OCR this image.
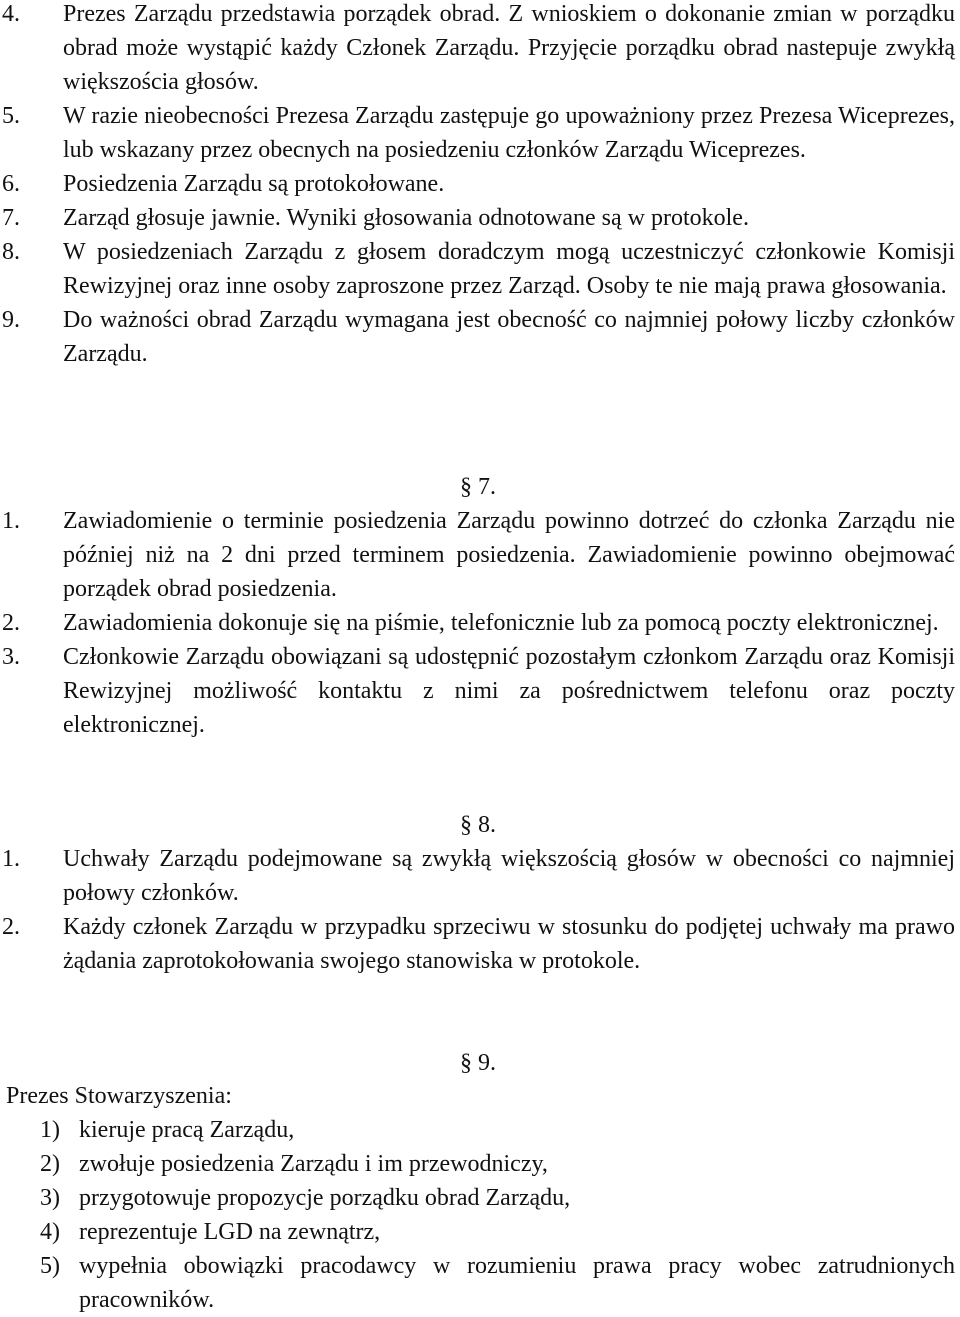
4. Prezes Zarządu przedstawia porządek obrad. Z wnioskiem o dokonanie zmian w porządku obrad może wystąpić każdy Członek Zarządu. Przyjęcie porządku obrad nastepuje zwykłą większościa głosów.
5. W razie nieobecności Prezesa Zarządu zastępuje go upoważniony przez Prezesa Wiceprezes, lub wskazany przez obecnych na posiedzeniu członków Zarządu Wiceprezes.
6. Posiedzenia Zarządu są protokołowane.
7. Zarząd głosuje jawnie. Wyniki głosowania odnotowane są w protokole.
8. W posiedzeniach Zarządu z głosem doradczym mogą uczestniczyć członkowie Komisji Rewizyjnej oraz inne osoby zaproszone przez Zarząd. Osoby te nie mają prawa głosowania.
9. Do ważności obrad Zarządu wymagana jest obecność co najmniej połowy liczby członków Zarządu.
§ 7.
1. Zawiadomienie o terminie posiedzenia Zarządu powinno dotrzeć do członka Zarządu nie później niż na 2 dni przed terminem posiedzenia. Zawiadomienie powinno obejmować porządek obrad posiedzenia.
2. Zawiadomienia dokonuje się na piśmie, telefonicznie lub za pomocą poczty elektronicznej.
3. Członkowie Zarządu obowiązani są udostępnić pozostałym członkom Zarządu oraz Komisji Rewizyjnej możliwość kontaktu z nimi za pośrednictwem telefonu oraz poczty elektronicznej.
§ 8.
1. Uchwały Zarządu podejmowane są zwykłą większością głosów w obecności co najmniej połowy członków.
2. Każdy członek Zarządu w przypadku sprzeciwu w stosunku do podjętej uchwały ma prawo żądania zaprotokołowania swojego stanowiska w protokole.
§ 9.
Prezes Stowarzyszenia:
1) kieruje pracą Zarządu,
2) zwołuje posiedzenia Zarządu i im przewodniczy,
3) przygotowuje propozycje porządku obrad Zarządu,
4) reprezentuje LGD na zewnątrz,
5) wypełnia obowiązki pracodawcy w rozumieniu prawa pracy wobec zatrudnionych pracowników.
